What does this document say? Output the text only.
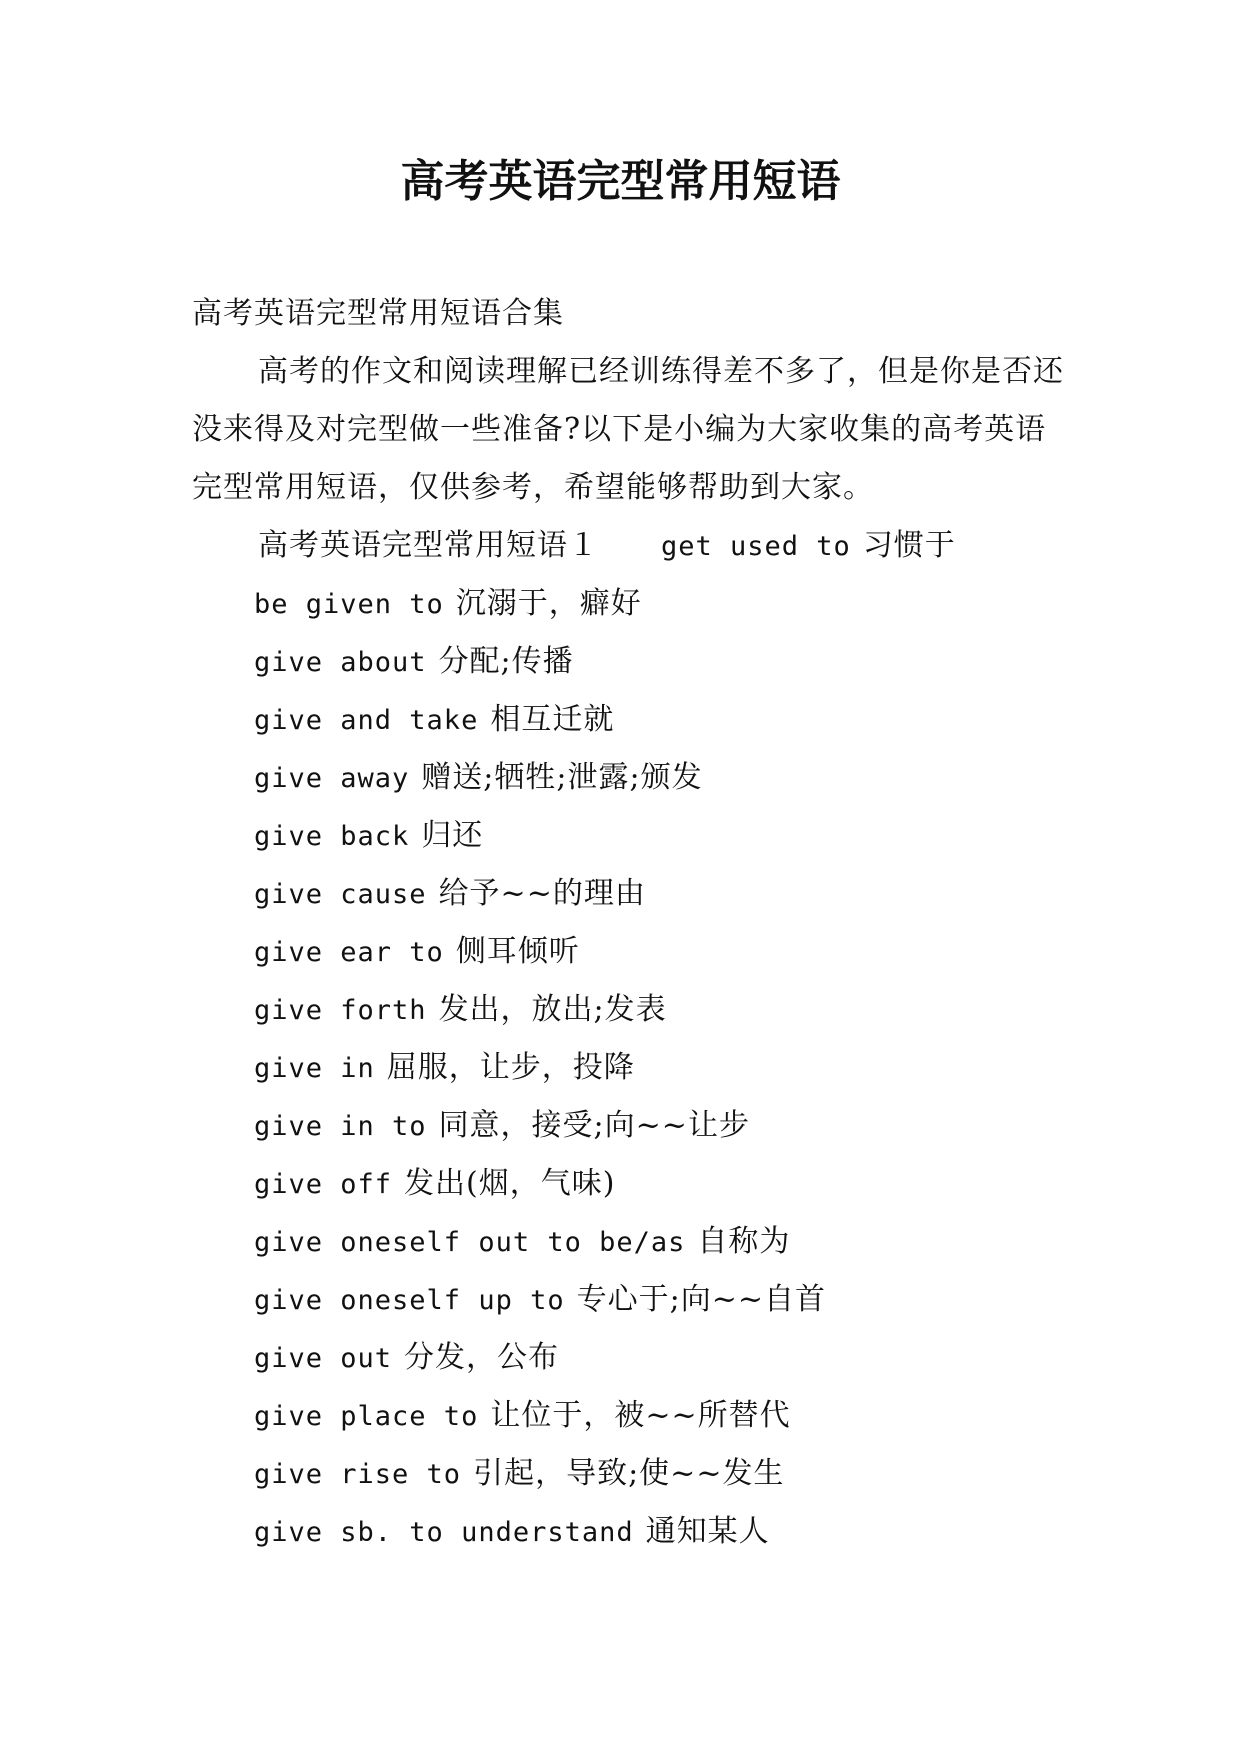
高考英语完型常用短语
高考英语完型常用短语合集
高考的作文和阅读理解已经训练得差不多了，但是你是否还没来得及对完型做一些准备?以下是小编为大家收集的高考英语完型常用短语，仅供参考，希望能够帮助到大家。
高考英语完型常用短语１ get used to 习惯于
be given to 沉溺于，癖好
give about 分配;传播
give and take 相互迁就
give away 赠送;牺牲;泄露;颁发
give back 归还
give cause 给予~~的理由
give ear to 侧耳倾听
give forth 发出，放出;发表
give in 屈服，让步，投降
give in to 同意，接受;向~~让步
give off 发出(烟，气味)
give oneself out to be/as 自称为
give oneself up to 专心于;向~~自首
give out 分发，公布
give place to 让位于，被~~所替代
give rise to 引起，导致;使~~发生
give sb. to understand 通知某人
